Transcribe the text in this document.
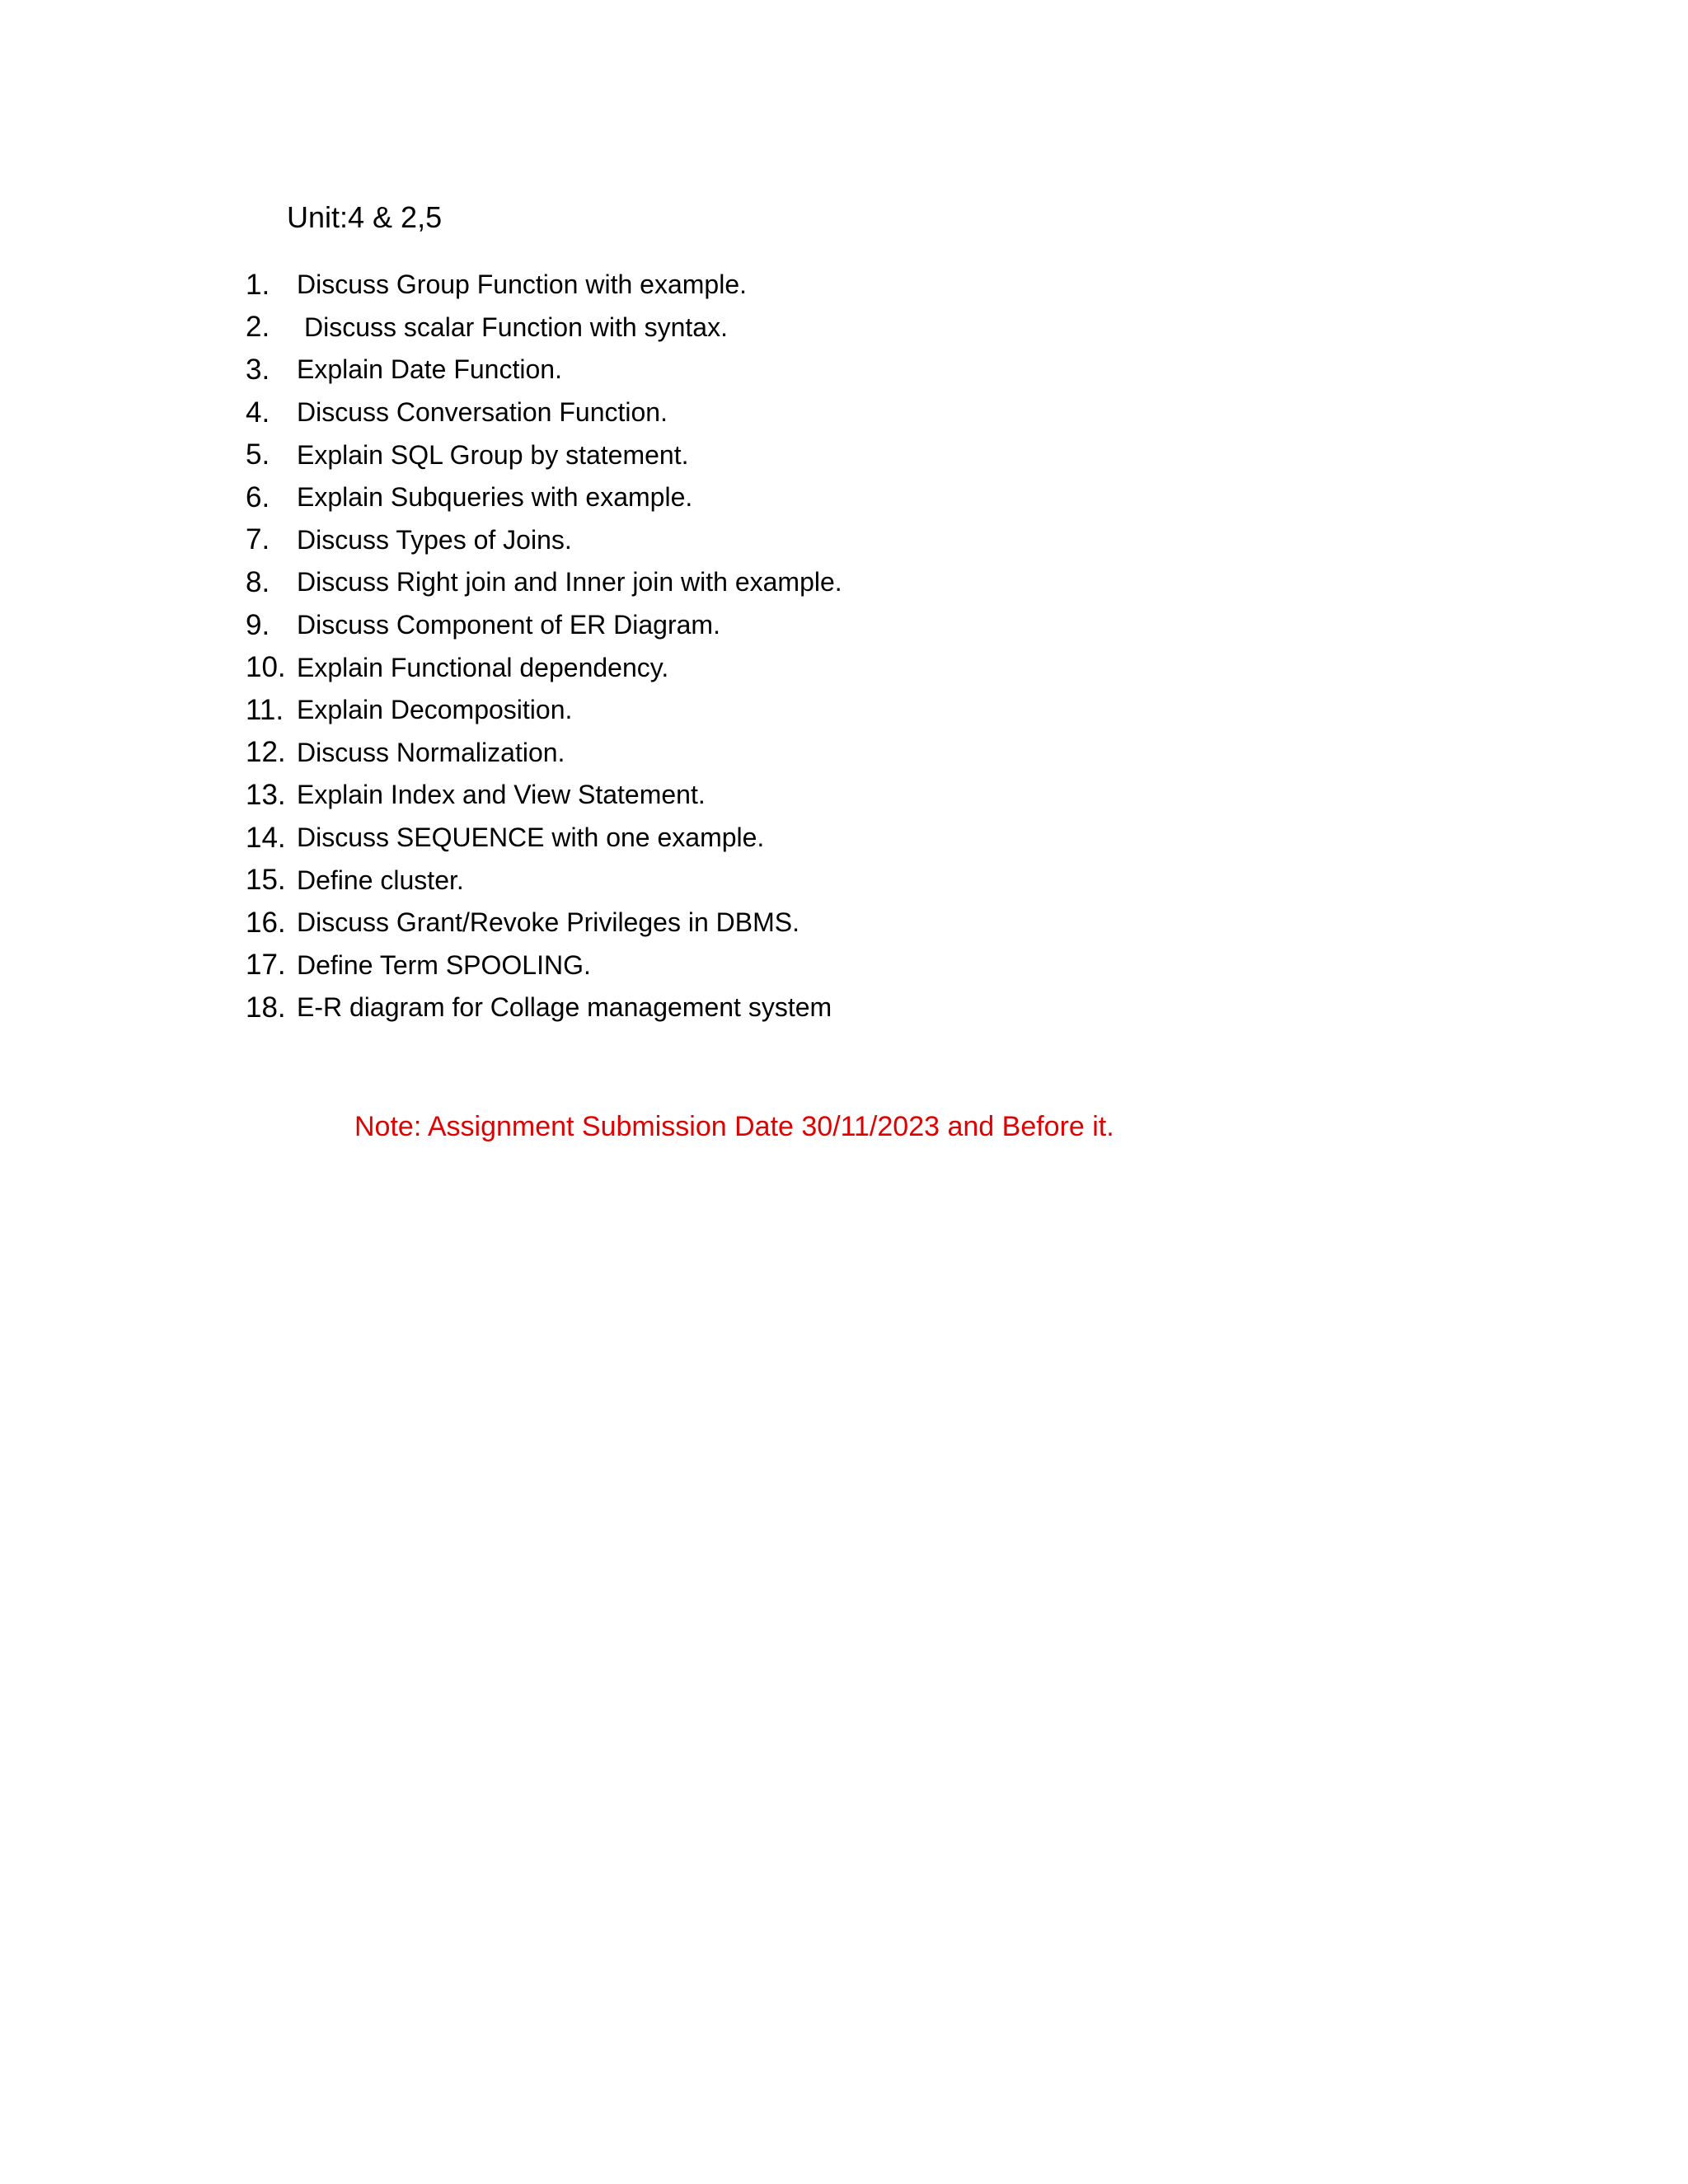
Unit:4 & 2,5
1.	Discuss Group Function with example.
2.	Discuss scalar Function with syntax.
3.	Explain Date Function.
4.	Discuss Conversation Function.
5.	Explain SQL Group by statement.
6.	Explain Subqueries with example.
7.	Discuss Types of Joins.
8.	Discuss Right join and Inner join with example.
9.	Discuss Component of ER Diagram.
10. Explain Functional dependency.
11. Explain Decomposition.
12. Discuss Normalization.
13. Explain Index and View Statement.
14. Discuss SEQUENCE with one example.
15. Define cluster.
16. Discuss Grant/Revoke Privileges in DBMS.
17. Define Term SPOOLING.
18. E-R diagram for Collage management system
Note: Assignment Submission Date 30/11/2023 and Before it.
